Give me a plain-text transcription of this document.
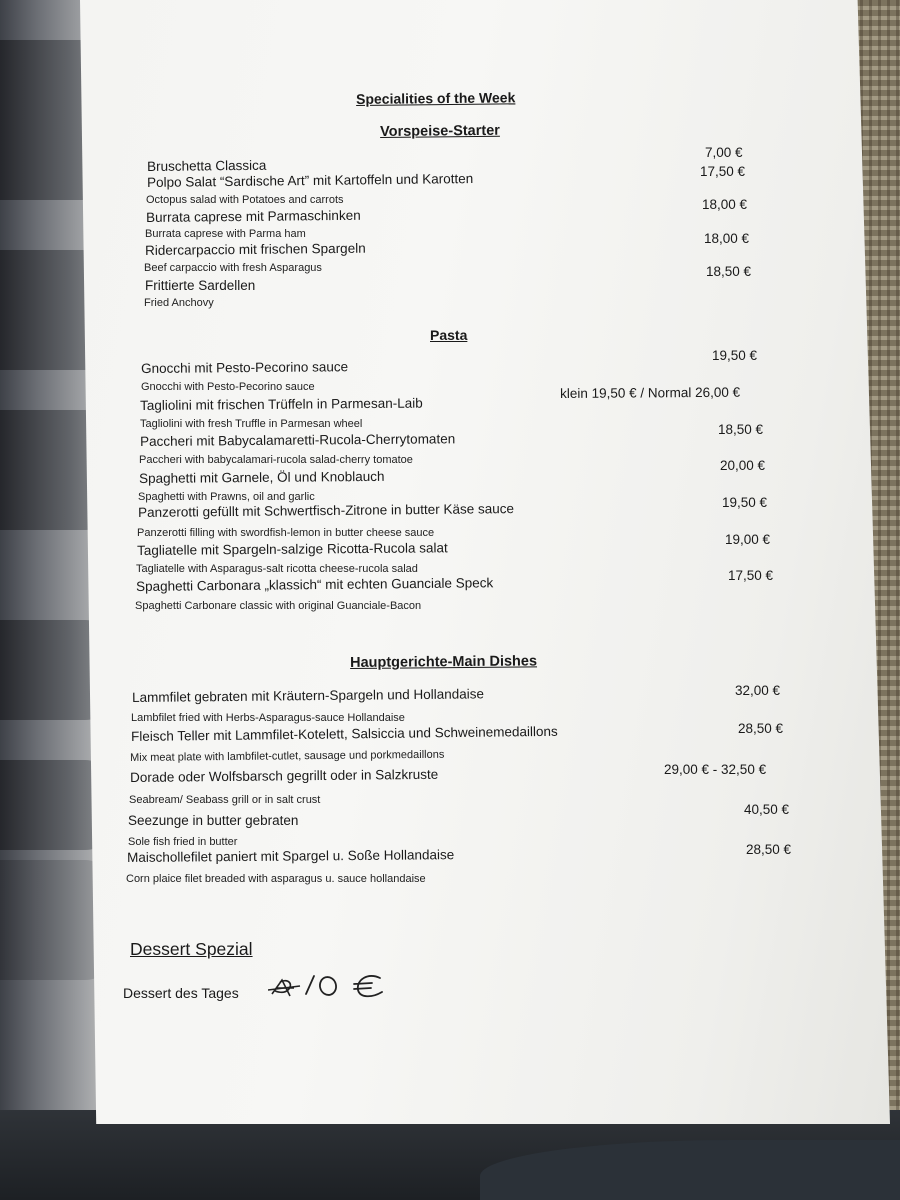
Specialities of the Week
Vorspeise-Starter
Bruschetta Classica
7,00 €
Polpo Salat “Sardische Art” mit Kartoffeln und Karotten
Octopus salad with Potatoes and carrots
17,50 €
Burrata caprese mit Parmaschinken
Burrata caprese with Parma ham
18,00 €
Ridercarpaccio mit frischen Spargeln
Beef carpaccio with fresh Asparagus
18,00 €
Frittierte Sardellen
Fried Anchovy
18,50 €
Pasta
Gnocchi mit Pesto-Pecorino sauce
Gnocchi with Pesto-Pecorino sauce
19,50 €
Tagliolini mit frischen Trüffeln in Parmesan-Laib
Tagliolini with fresh Truffle in Parmesan wheel
klein 19,50 € / Normal 26,00 €
Paccheri mit Babycalamaretti-Rucola-Cherrytomaten
Paccheri with babycalamari-rucola salad-cherry tomatoe
18,50 €
Spaghetti mit Garnele, Öl und Knoblauch
Spaghetti with Prawns, oil and garlic
20,00 €
Panzerotti gefüllt mit Schwertfisch-Zitrone in butter Käse sauce
Panzerotti filling with swordfish-lemon in butter cheese sauce
19,50 €
Tagliatelle mit Spargeln-salzige Ricotta-Rucola salat
Tagliatelle with Asparagus-salt ricotta cheese-rucola salad
19,00 €
Spaghetti Carbonara „klassich“ mit echten Guanciale Speck
Spaghetti Carbonare classic with original Guanciale-Bacon
17,50 €
Hauptgerichte-Main Dishes
Lammfilet gebraten mit Kräutern-Spargeln und Hollandaise
Lambfilet fried with Herbs-Asparagus-sauce Hollandaise
32,00 €
Fleisch Teller mit Lammfilet-Kotelett, Salsiccia und Schweinemedaillons
Mix meat plate with lambfilet-cutlet, sausage und porkmedaillons
28,50 €
Dorade oder Wolfsbarsch gegrillt oder in Salzkruste
Seabream/ Seabass grill or in salt crust
29,00 € - 32,50 €
Seezunge in butter gebraten
Sole fish fried in butter
40,50 €
Maischollefilet paniert mit Spargel u. Soße Hollandaise
Corn plaice filet breaded with asparagus u. sauce hollandaise
28,50 €
Dessert Spezial
Dessert des Tages
10 €
